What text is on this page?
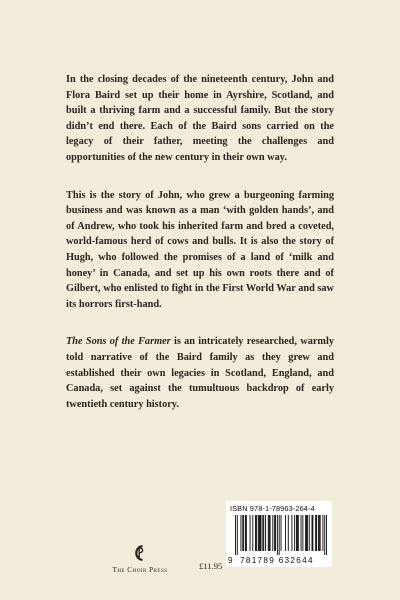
In the closing decades of the nineteenth century, John and Flora Baird set up their home in Ayrshire, Scotland, and built a thriving farm and a successful family. But the story didn’t end there. Each of the Baird sons carried on the legacy of their father, meeting the challenges and opportunities of the new century in their own way.

This is the story of John, who grew a burgeoning farming business and was known as a man ‘with golden hands’, and of Andrew, who took his inherited farm and bred a coveted, world-famous herd of cows and bulls. It is also the story of Hugh, who followed the promises of a land of ‘milk and honey’ in Canada, and set up his own roots there and of Gilbert, who enlisted to fight in the First World War and saw its horrors first-hand.

The Sons of the Farmer is an intricately researched, warmly told narrative of the Baird family as they grew and established their own legacies in Scotland, England, and Canada, set against the tumultuous backdrop of early twentieth century history.

The Choir Press	£11.95
ISBN 978-1-78963-264-4
9 781789 632644
